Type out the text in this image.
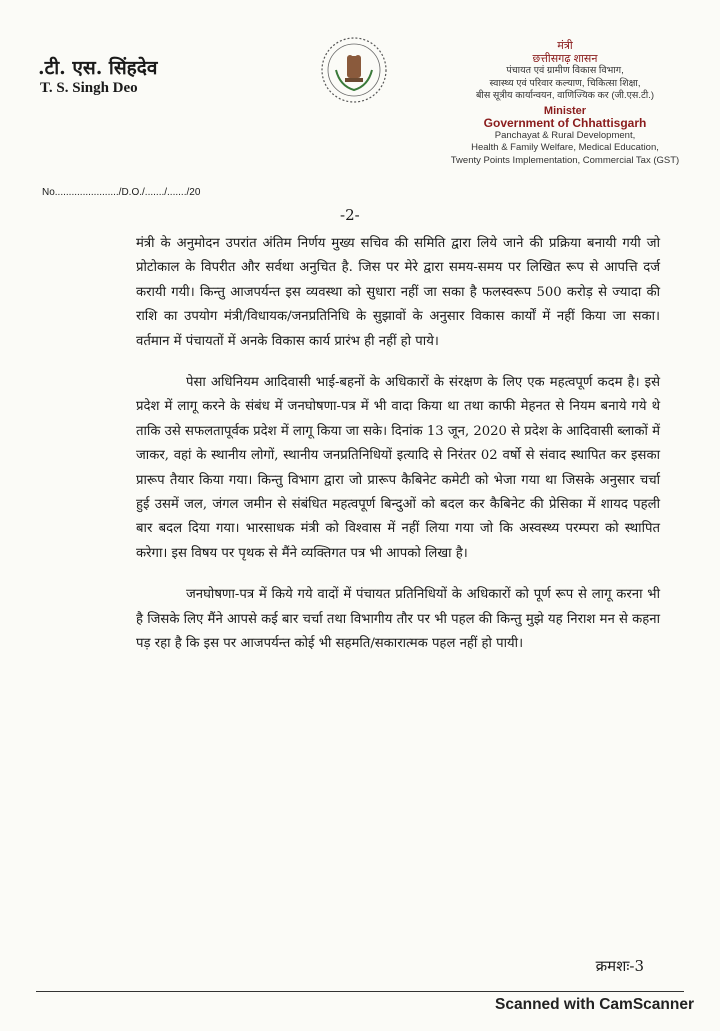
.टी. एस. सिंहदेव
T. S. Singh Deo
No......................./D.O./......./......./20
मंत्री
छत्तीसगढ़ शासन
पंचायत एवं ग्रामीण विकास विभाग,
स्वास्थ्य एवं परिवार कल्याण, चिकित्सा शिक्षा,
बीस सूत्रीय कार्यान्वयन, वाणिज्यिक कर (जी.एस.टी.)
Minister
Government of Chhattisgarh
Panchayat & Rural Development,
Health & Family Welfare, Medical Education,
Twenty Points Implementation, Commercial Tax (GST)
-2-

मंत्री के अनुमोदन उपरांत अंतिम निर्णय मुख्य सचिव की समिति द्वारा लिये जाने की प्रक्रिया बनायी गयी जो प्रोटोकाल के विपरीत और सर्वथा अनुचित है. जिस पर मेरे द्वारा समय-समय पर लिखित रूप से आपत्ति दर्ज करायी गयी। किन्तु आजपर्यन्त इस व्यवस्था को सुधारा नहीं जा सका है फलस्वरूप 500 करोड़ से ज्यादा की राशि का उपयोग मंत्री/विधायक/जनप्रतिनिधि के सुझावों के अनुसार विकास कार्यों में नहीं किया जा सका। वर्तमान में पंचायतों में अनके विकास कार्य प्रारंभ ही नहीं हो पाये।

पेसा अधिनियम आदिवासी भाई-बहनों के अधिकारों के संरक्षण के लिए एक महत्वपूर्ण कदम है। इसे प्रदेश में लागू करने के संबंध में जनघोषणा-पत्र में भी वादा किया था तथा काफी मेहनत से नियम बनाये गये थे ताकि उसे सफलतापूर्वक प्रदेश में लागू किया जा सके। दिनांक 13 जून, 2020 से प्रदेश के आदिवासी ब्लाकों में जाकर, वहां के स्थानीय लोगों, स्थानीय जनप्रतिनिधियों इत्यादि से निरंतर 02 वर्षो से संवाद स्थापित कर इसका प्रारूप तैयार किया गया। किन्तु विभाग द्वारा जो प्रारूप कैबिनेट कमेटी को भेजा गया था जिसके अनुसार चर्चा हुई उसमें जल, जंगल जमीन से संबंधित महत्वपूर्ण बिन्दुओं को बदल कर कैबिनेट की प्रेसिका में शायद पहली बार बदल दिया गया। भारसाधक मंत्री को विश्वास में नहीं लिया गया जो कि अस्वस्थ्य परम्परा को स्थापित करेगा। इस विषय पर पृथक से मैंने व्यक्तिगत पत्र भी आपको लिखा है।

जनघोषणा-पत्र में किये गये वादों में पंचायत प्रतिनिधियों के अधिकारों को पूर्ण रूप से लागू करना भी है जिसके लिए मैंने आपसे कई बार चर्चा तथा विभागीय तौर पर भी पहल की किन्तु मुझे यह निराश मन से कहना पड़ रहा है कि इस पर आजपर्यन्त कोई भी सहमति/सकारात्मक पहल नहीं हो पायी।

क्रमशः-3
Scanned with CamScanner
